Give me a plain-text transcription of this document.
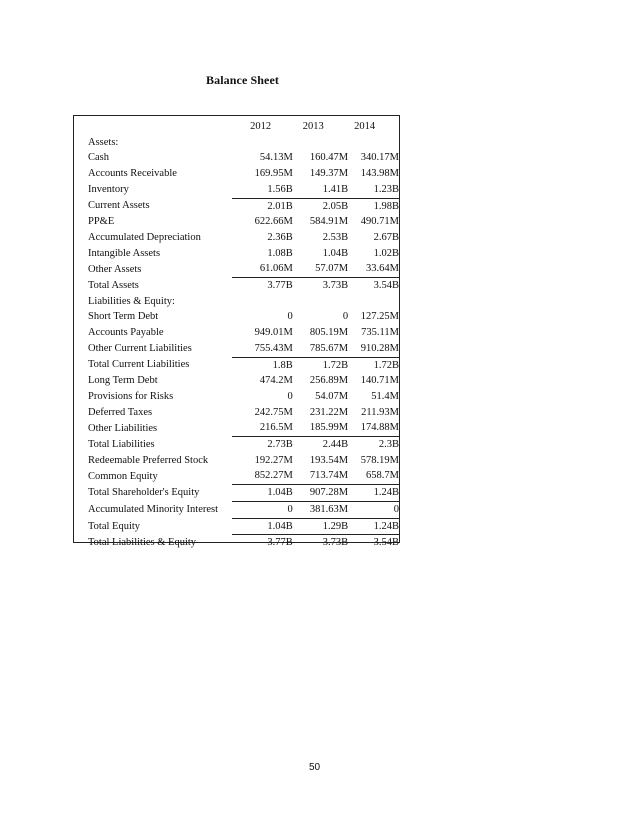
Balance Sheet
	2012	2013	2014
Assets:			
Cash	54.13M	160.47M	340.17M
Accounts Receivable	169.95M	149.37M	143.98M
Inventory	1.56B	1.41B	1.23B
Current Assets	2.01B	2.05B	1.98B
PP&E	622.66M	584.91M	490.71M
Accumulated Depreciation	2.36B	2.53B	2.67B
Intangible Assets	1.08B	1.04B	1.02B
Other Assets	61.06M	57.07M	33.64M
Total Assets	3.77B	3.73B	3.54B
Liabilities & Equity:			
Short Term Debt	0	0	127.25M
Accounts Payable	949.01M	805.19M	735.11M
Other Current Liabilities	755.43M	785.67M	910.28M
Total Current Liabilities	1.8B	1.72B	1.72B
Long Term Debt	474.2M	256.89M	140.71M
Provisions for Risks	0	54.07M	51.4M
Deferred Taxes	242.75M	231.22M	211.93M
Other Liabilities	216.5M	185.99M	174.88M
Total Liabilities	2.73B	2.44B	2.3B
Redeemable Preferred Stock	192.27M	193.54M	578.19M
Common Equity	852.27M	713.74M	658.7M
Total Shareholder's Equity	1.04B	907.28M	1.24B
Accumulated Minority Interest	0	381.63M	0
Total Equity	1.04B	1.29B	1.24B
Total Liabilities & Equity	3.77B	3.73B	3.54B
50
